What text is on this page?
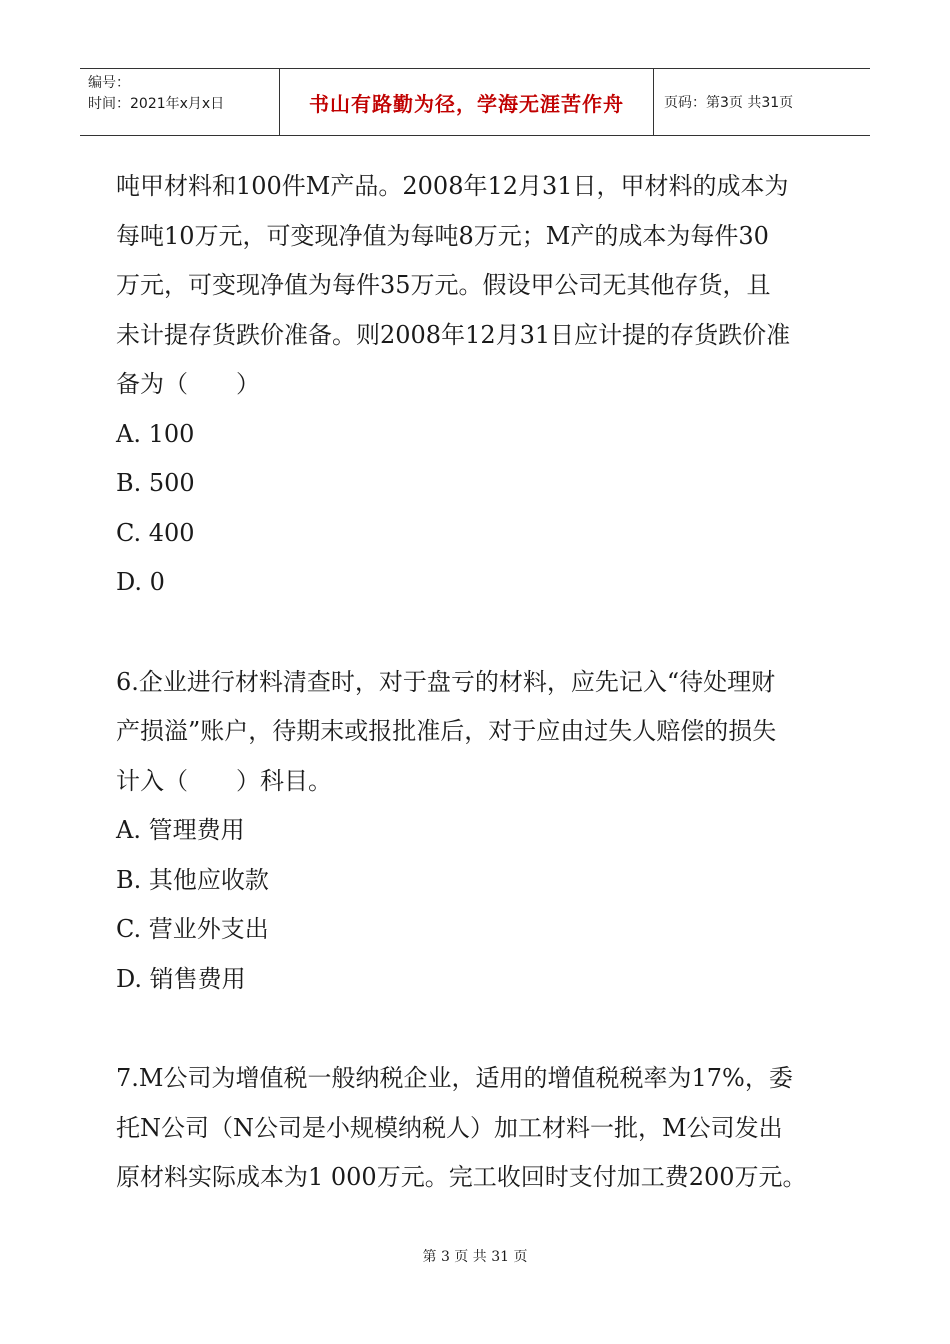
编号：
时间：2021年x月x日	书山有路勤为径，学海无涯苦作舟	页码：第3页 共31页
吨甲材料和100件M产品。2008年12月31日，甲材料的成本为
每吨10万元，可变现净值为每吨8万元；M产的成本为每件30
万元，可变现净值为每件35万元。假设甲公司无其他存货，且
未计提存货跌价准备。则2008年12月31日应计提的存货跌价准
备为（　　）
A. 100
B. 500
C. 400
D. 0
6.企业进行材料清查时，对于盘亏的材料，应先记入“待处理财
产损溢”账户，待期末或报批准后，对于应由过失人赔偿的损失
计入（　　）科目。
A. 管理费用
B. 其他应收款
C. 营业外支出
D. 销售费用
7.M公司为增值税一般纳税企业，适用的增值税税率为17%，委
托N公司（N公司是小规模纳税人）加工材料一批，M公司发出
原材料实际成本为1 000万元。完工收回时支付加工费200万元。
第 3 页 共 31 页
